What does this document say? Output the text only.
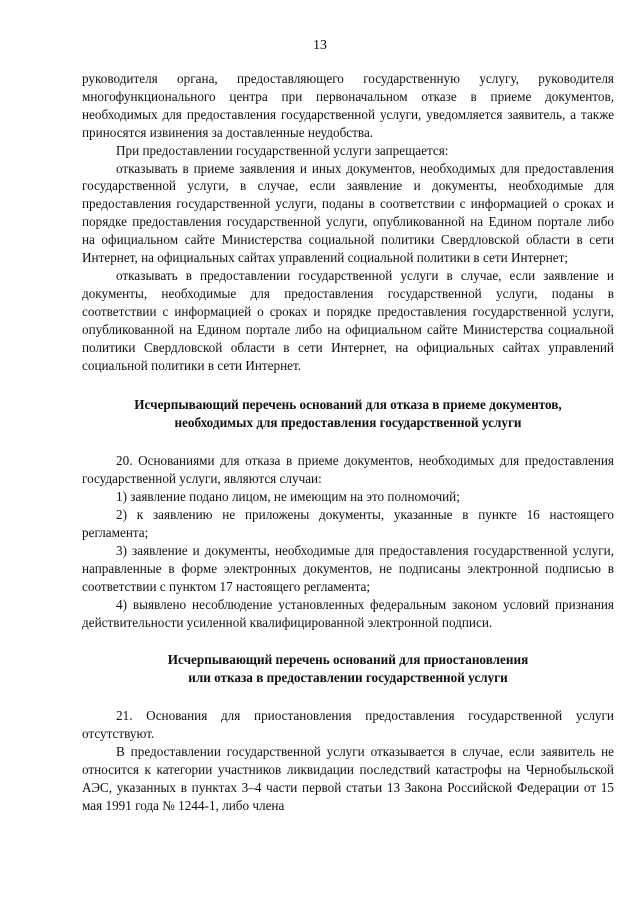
13

руководителя органа, предоставляющего государственную услугу, руководителя многофункционального центра при первоначальном отказе в приеме документов, необходимых для предоставления государственной услуги, уведомляется заявитель, а также приносятся извинения за доставленные неудобства.

При предоставлении государственной услуги запрещается:

отказывать в приеме заявления и иных документов, необходимых для предоставления государственной услуги, в случае, если заявление и документы, необходимые для предоставления государственной услуги, поданы в соответствии с информацией о сроках и порядке предоставления государственной услуги, опубликованной на Едином портале либо на официальном сайте Министерства социальной политики Свердловской области в сети Интернет, на официальных сайтах управлений социальной политики в сети Интернет;

отказывать в предоставлении государственной услуги в случае, если заявление и документы, необходимые для предоставления государственной услуги, поданы в соответствии с информацией о сроках и порядке предоставления государственной услуги, опубликованной на Едином портале либо на официальном сайте Министерства социальной политики Свердловской области в сети Интернет, на официальных сайтах управлений социальной политики в сети Интернет.

Исчерпывающий перечень оснований для отказа в приеме документов,

необходимых для предоставления государственной услуги

20. Основаниями для отказа в приеме документов, необходимых для предоставления государственной услуги, являются случаи:

1) заявление подано лицом, не имеющим на это полномочий;

2) к заявлению не приложены документы, указанные в пункте 16 настоящего регламента;

3) заявление и документы, необходимые для предоставления государственной услуги, направленные в форме электронных документов, не подписаны электронной подписью в соответствии с пунктом 17 настоящего регламента;

4) выявлено несоблюдение установленных федеральным законом условий признания действительности усиленной квалифицированной электронной подписи.

Исчерпывающий перечень оснований для приостановления

или отказа в предоставлении государственной услуги

21. Основания для приостановления предоставления государственной услуги отсутствуют.

В предоставлении государственной услуги отказывается в случае, если заявитель не относится к категории участников ликвидации последствий катастрофы на Чернобыльской АЭС, указанных в пунктах 3–4 части первой статьи 13 Закона Российской Федерации от 15 мая 1991 года № 1244-1, либо члена
